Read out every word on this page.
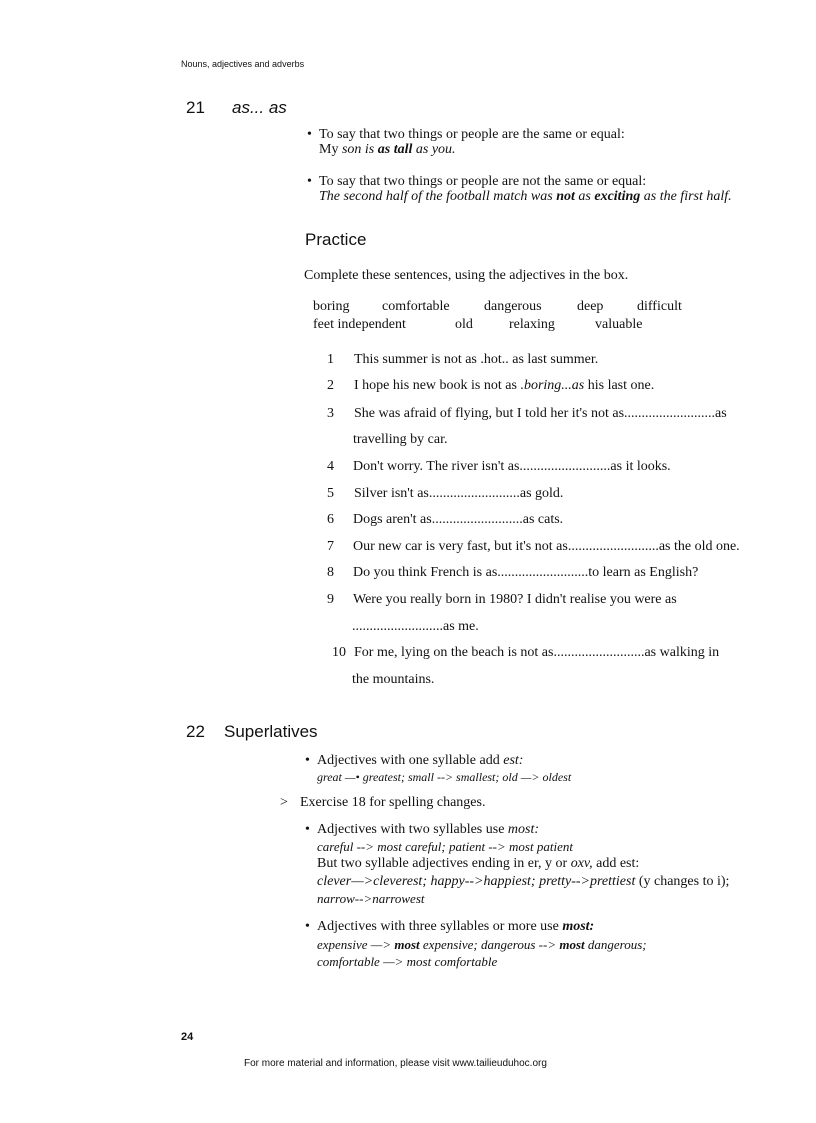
Nouns, adjectives and adverbs
21 as... as
• To say that two things or people are the same or equal:
My son is as tall as you.
• To say that two things or people are not the same or equal:
The second half of the football match was not as exciting as the first half.
Practice
Complete these sentences, using the adjectives in the box.
boring comfortable dangerous	deep difficult
feet independent	old	relaxing	valuable
1 This summer is not as .hot.. as last summer.
2 I hope his new book is not as .boring...as his last one.
3 She was afraid of flying, but I told her it's not as..........................as
travelling by car.
4 Don't worry. The river isn't as..........................as it looks.
5 Silver isn't as..........................as gold.
6 Dogs aren't as..........................as cats.
7 Our new car is very fast, but it's not as..........................as the old one.
8 Do you think French is as..........................to learn as English?
9 Were you really born in 1980? I didn't realise you were as
..........................as me.
10 For me, lying on the beach is not as..........................as walking in
the mountains.
22 Superlatives
• Adjectives with one syllable add est:
great —• greatest; small --> smallest; old —> oldest
> Exercise 18 for spelling changes.
• Adjectives with two syllables use most:
careful --> most careful; patient --> most patient
But two syllable adjectives ending in er, y or oxv, add est:
clever—>cleverest; happy-->happiest; pretty-->prettiest (y changes to i);
narrow-->narrowest
• Adjectives with three syllables or more use most:
expensive —> most expensive; dangerous --> most dangerous;
comfortable —> most comfortable
24
For more material and information, please visit www.tailieuduhoc.org
